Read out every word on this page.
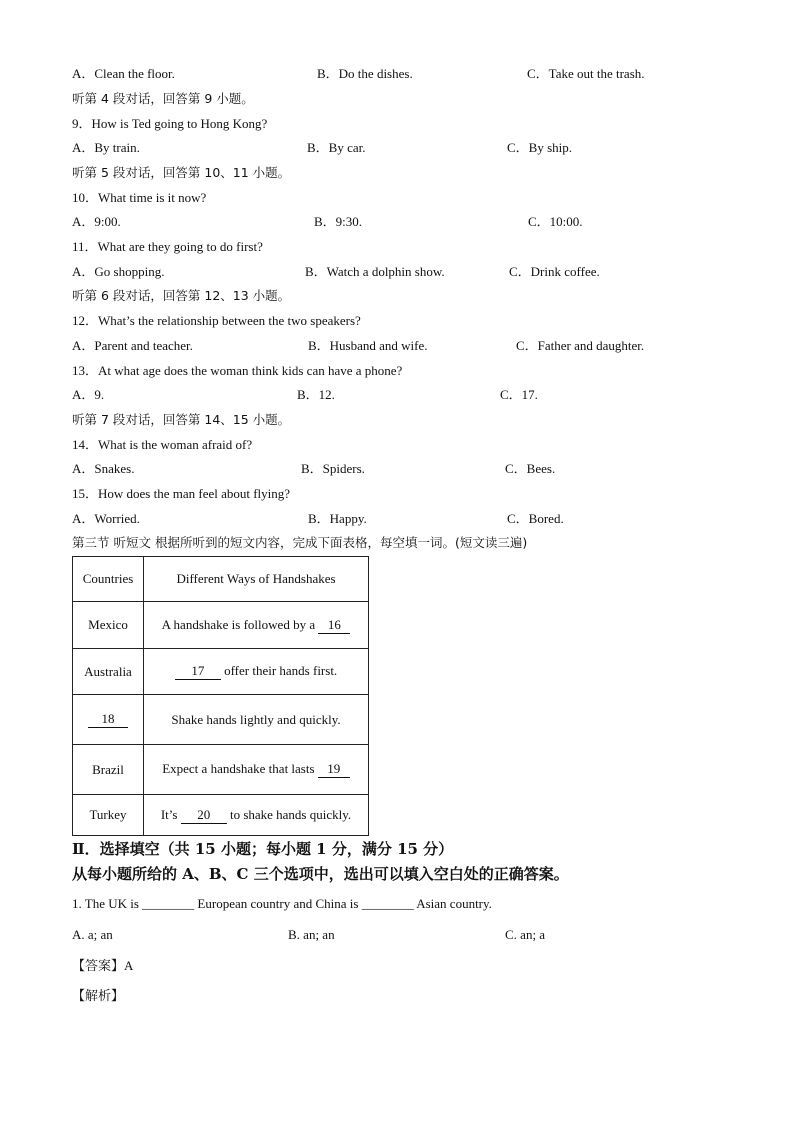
A．Clean the floor.	B．Do the dishes.	C．Take out the trash.
听第 4 段对话，回答第 9 小题。
9．How is Ted going to Hong Kong?
A．By train.	B．By car.	C．By ship.
听第 5 段对话，回答第 10、11 小题。
10．What time is it now?
A．9:00.	B．9:30.	C．10:00.
11．What are they going to do first?
A．Go shopping.	B．Watch a dolphin show.	C．Drink coffee.
听第 6 段对话，回答第 12、13 小题。
12．What’s the relationship between the two speakers?
A．Parent and teacher.	B．Husband and wife.	C．Father and daughter.
13．At what age does the woman think kids can have a phone?
A．9.	B．12.	C．17.
听第 7 段对话，回答第 14、15 小题。
14．What is the woman afraid of?
A．Snakes.	B．Spiders.	C．Bees.
15．How does the man feel about flying?
A．Worried.	B．Happy.	C．Bored.
第三节 听短文 根据所听到的短文内容，完成下面表格，每空填一词。(短文读三遍)
Countries	Different Ways of Handshakes
Mexico	A handshake is followed by a 16
Australia	17 offer their hands first.
18	Shake hands lightly and quickly.
Brazil	Expect a handshake that lasts 19
Turkey	It’s 20 to shake hands quickly.
Ⅱ．选择填空（共 15 小题；每小题 1 分，满分 15 分）
从每小题所给的 A、B、C 三个选项中，选出可以填入空白处的正确答案。
1. The UK is ________ European country and China is ________ Asian country.
A. a; an	B. an; an	C. an; a
【答案】A
【解析】
